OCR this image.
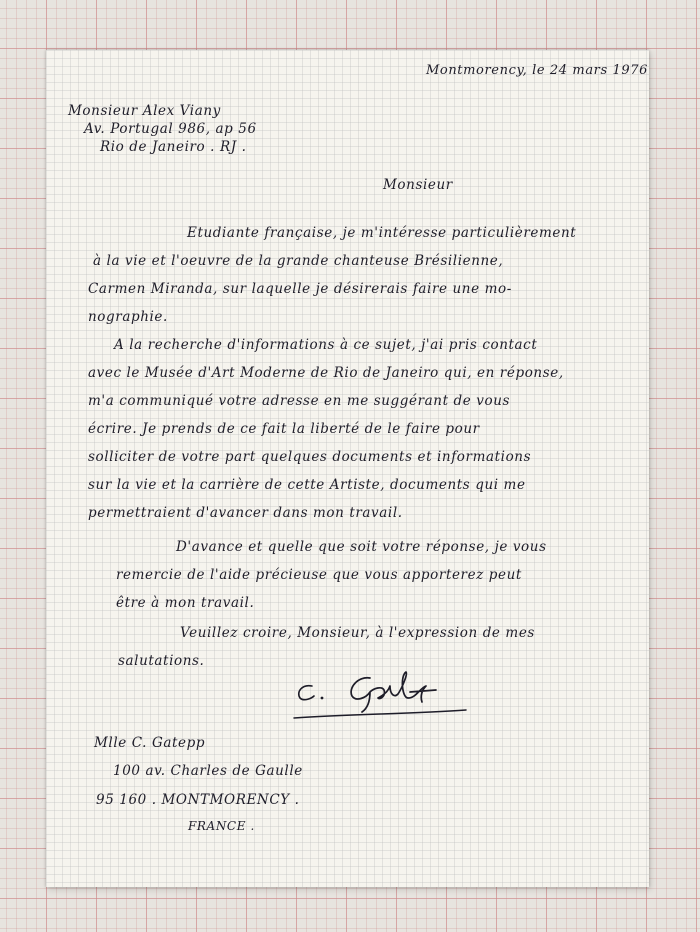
Montmorency, le 24 mars 1976
Monsieur Alex Viany
Av. Portugal 986, ap 56
Rio de Janeiro . RJ .
Monsieur
Etudiante française, je m'intéresse particulièrement
à la vie et l'oeuvre de la grande chanteuse Brésilienne,
Carmen Miranda, sur laquelle je désirerais faire une mo-
nographie.
A la recherche d'informations à ce sujet, j'ai pris contact
avec le Musée d'Art Moderne de Rio de Janeiro qui, en réponse,
m'a communiqué votre adresse en me suggérant de vous
écrire. Je prends de ce fait la liberté de le faire pour
solliciter de votre part quelques documents et informations
sur la vie et la carrière de cette Artiste, documents qui me
permettraient d'avancer dans mon travail.
D'avance et quelle que soit votre réponse, je vous
remercie de l'aide précieuse que vous apporterez peut
être à mon travail.
Veuillez croire, Monsieur, à l'expression de mes
salutations.
Mlle C. Gatepp
100 av. Charles de Gaulle
95 160 . MONTMORENCY .
FRANCE .
